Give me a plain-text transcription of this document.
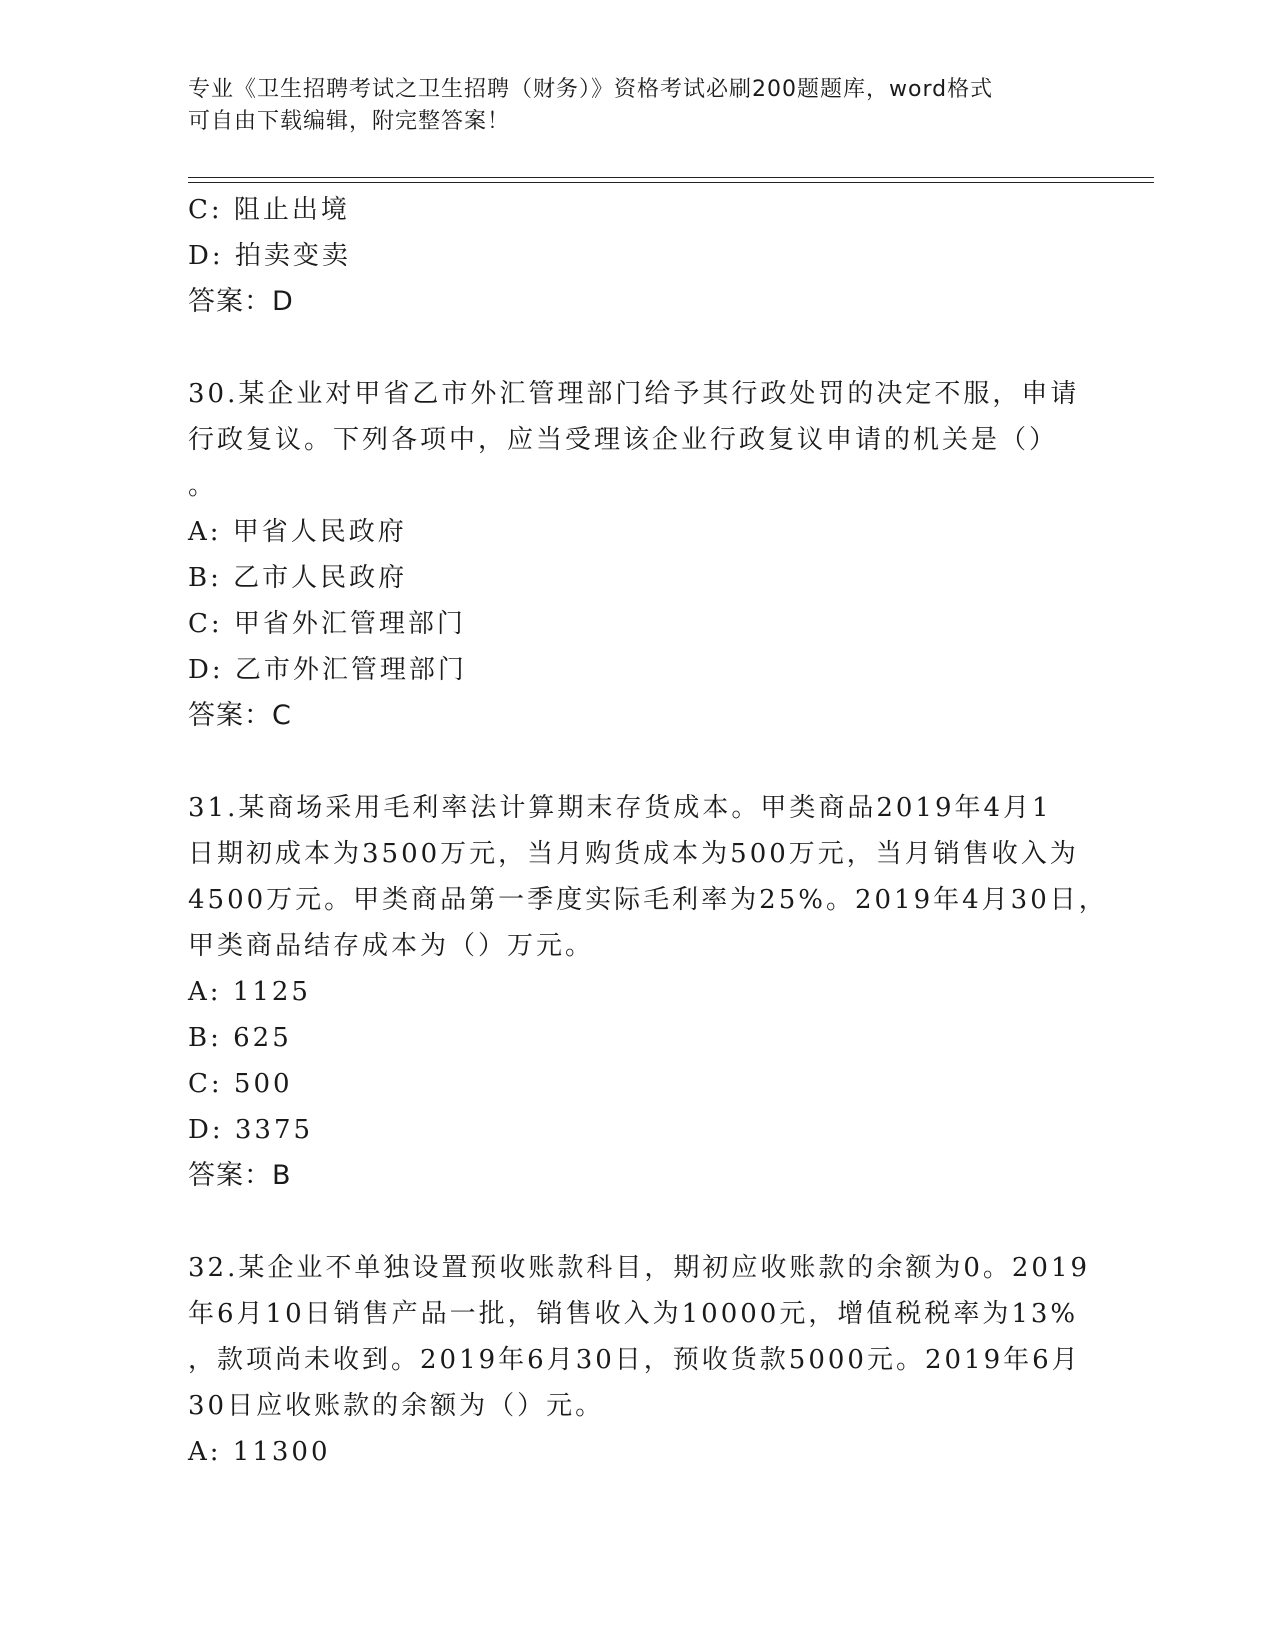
专业《卫生招聘考试之卫生招聘（财务）》资格考试必刷200题题库，word格式
可自由下载编辑，附完整答案！
C: 阻止出境
D: 拍卖变卖
答案：D
30.某企业对甲省乙市外汇管理部门给予其行政处罚的决定不服，申请
行政复议。下列各项中，应当受理该企业行政复议申请的机关是（）
。
A: 甲省人民政府
B: 乙市人民政府
C: 甲省外汇管理部门
D: 乙市外汇管理部门
答案：C
31.某商场采用毛利率法计算期末存货成本。甲类商品2019年4月1
日期初成本为3500万元，当月购货成本为500万元，当月销售收入为
4500万元。甲类商品第一季度实际毛利率为25%。2019年4月30日，
甲类商品结存成本为（）万元。
A: 1125
B: 625
C: 500
D: 3375
答案：B
32.某企业不单独设置预收账款科目，期初应收账款的余额为0。2019
年6月10日销售产品一批，销售收入为10000元，增值税税率为13%
，款项尚未收到。2019年6月30日，预收货款5000元。2019年6月
30日应收账款的余额为（）元。
A: 11300
